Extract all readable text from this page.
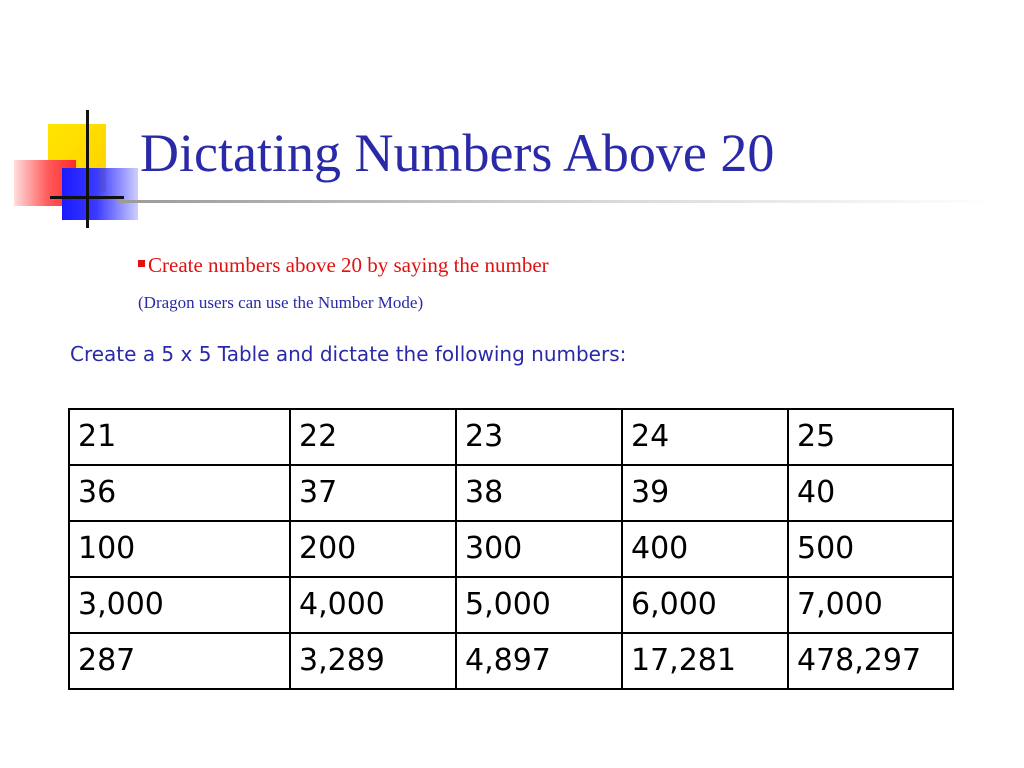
Dictating Numbers Above 20
Create numbers above 20 by saying the number
(Dragon users can use the Number Mode)
Create a 5 x 5 Table and dictate the following numbers:
21	22	23	24	25
36	37	38	39	40
100	200	300	400	500
3,000	4,000	5,000	6,000	7,000
287	3,289	4,897	17,281	478,297
